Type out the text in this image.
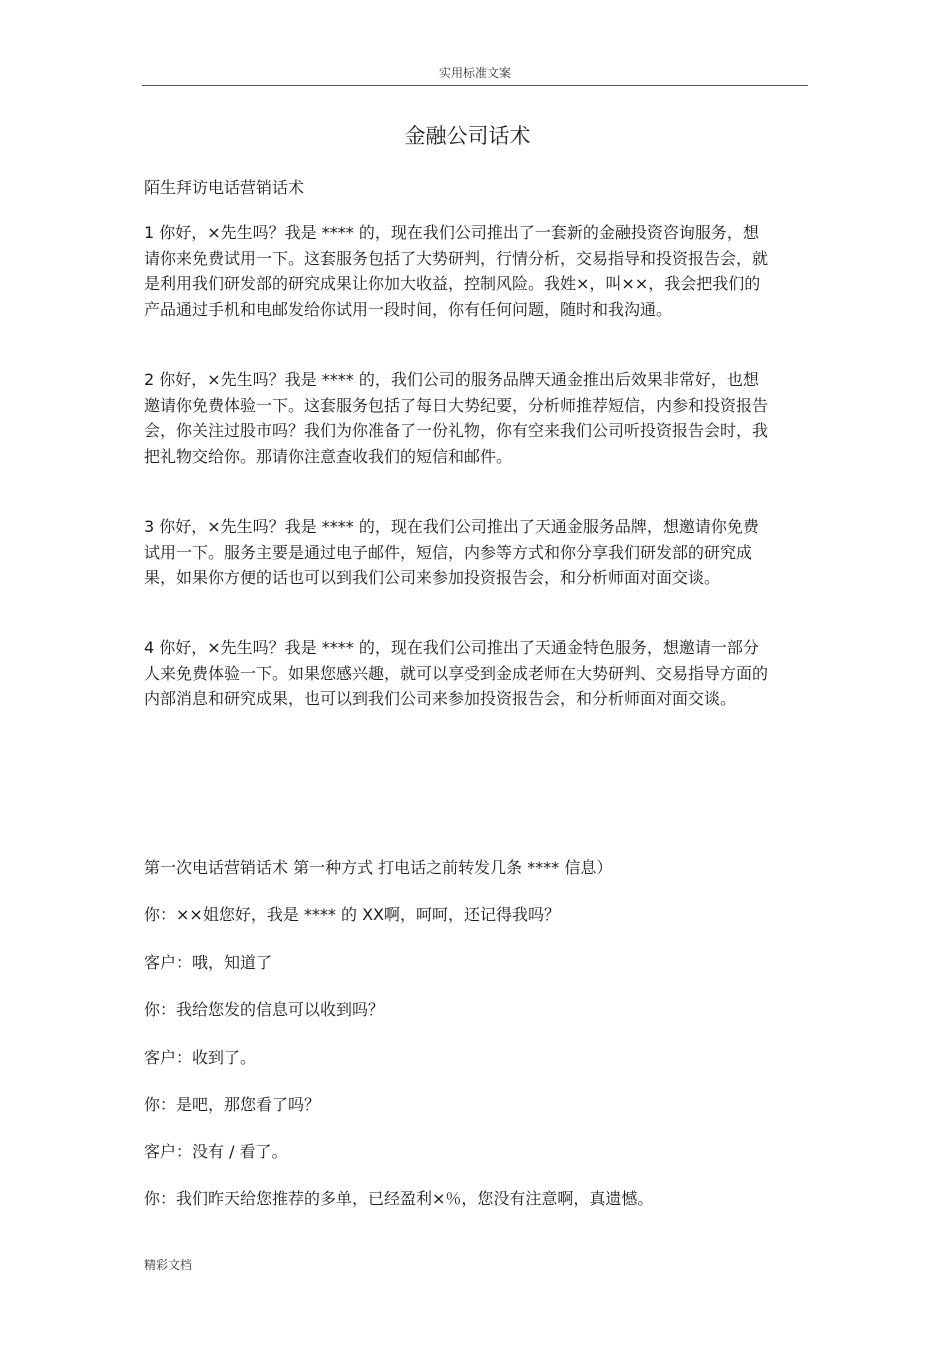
实用标准文案
金融公司话术
陌生拜访电话营销话术
1 你好，×先生吗？我是 **** 的，现在我们公司推出了一套新的金融投资咨询服务，想请你来免费试用一下。这套服务包括了大势研判，行情分析，交易指导和投资报告会，就是利用我们研发部的研究成果让你加大收益，控制风险。我姓×，叫××，我会把我们的产品通过手机和电邮发给你试用一段时间，你有任何问题，随时和我沟通。
2 你好，×先生吗？我是 **** 的，我们公司的服务品牌天通金推出后效果非常好，也想邀请你免费体验一下。这套服务包括了每日大势纪要，分析师推荐短信，内参和投资报告会，你关注过股市吗？我们为你准备了一份礼物，你有空来我们公司听投资报告会时，我把礼物交给你。那请你注意查收我们的短信和邮件。
3 你好，×先生吗？我是 **** 的，现在我们公司推出了天通金服务品牌，想邀请你免费试用一下。服务主要是通过电子邮件，短信，内参等方式和你分享我们研发部的研究成果，如果你方便的话也可以到我们公司来参加投资报告会，和分析师面对面交谈。
4 你好，×先生吗？我是 **** 的，现在我们公司推出了天通金特色服务，想邀请一部分人来免费体验一下。如果您感兴趣，就可以享受到金成老师在大势研判、交易指导方面的内部消息和研究成果，也可以到我们公司来参加投资报告会，和分析师面对面交谈。
第一次电话营销话术 第一种方式 打电话之前转发几条 **** 信息）
你：××姐您好，我是 **** 的 XX啊，呵呵，还记得我吗？
客户：哦，知道了
你：我给您发的信息可以收到吗？
客户：收到了。
你：是吧，那您看了吗？
客户：没有 / 看了。
你：我们昨天给您推荐的多单，已经盈利×％，您没有注意啊，真遗憾。
精彩文档
